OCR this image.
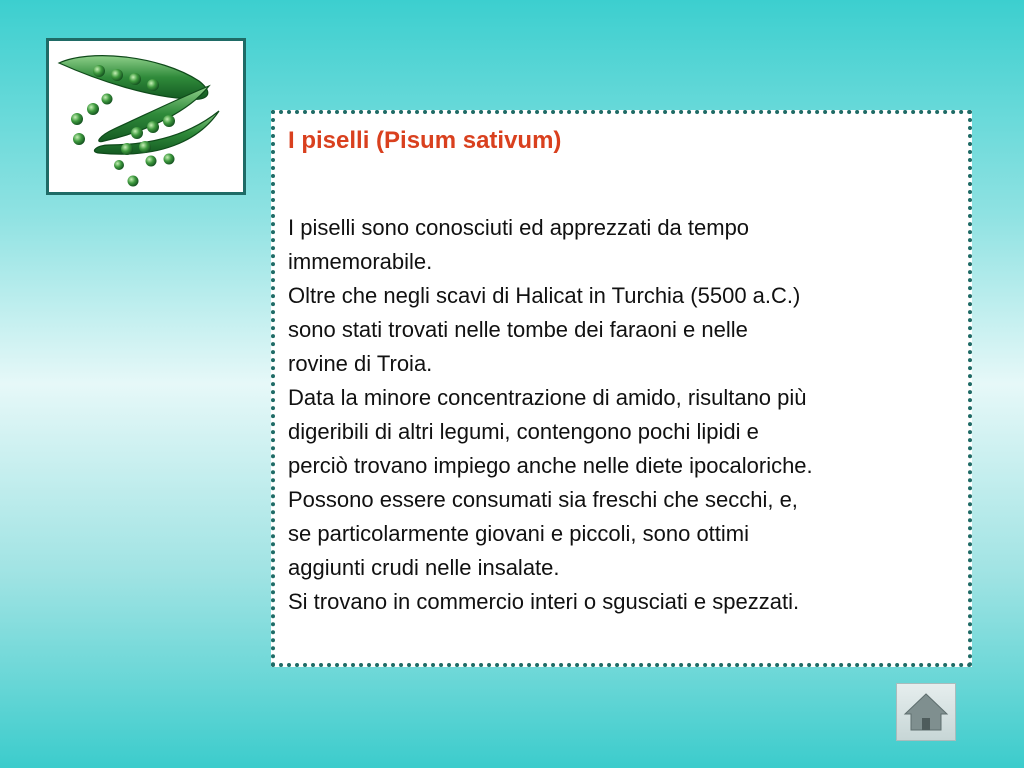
I piselli (Pisum sativum)

I piselli sono conosciuti ed apprezzati da tempo

immemorabile.

Oltre che negli scavi di Halicat in Turchia (5500 a.C.)

sono stati trovati nelle tombe dei faraoni e nelle

rovine di Troia.

Data la minore concentrazione di amido, risultano più

digeribili di altri legumi, contengono pochi lipidi e

perciò trovano impiego anche nelle diete ipocaloriche.

Possono essere consumati sia freschi che secchi, e,

se particolarmente giovani e piccoli, sono ottimi

aggiunti crudi nelle insalate.

Si trovano in commercio interi o sgusciati e spezzati.
